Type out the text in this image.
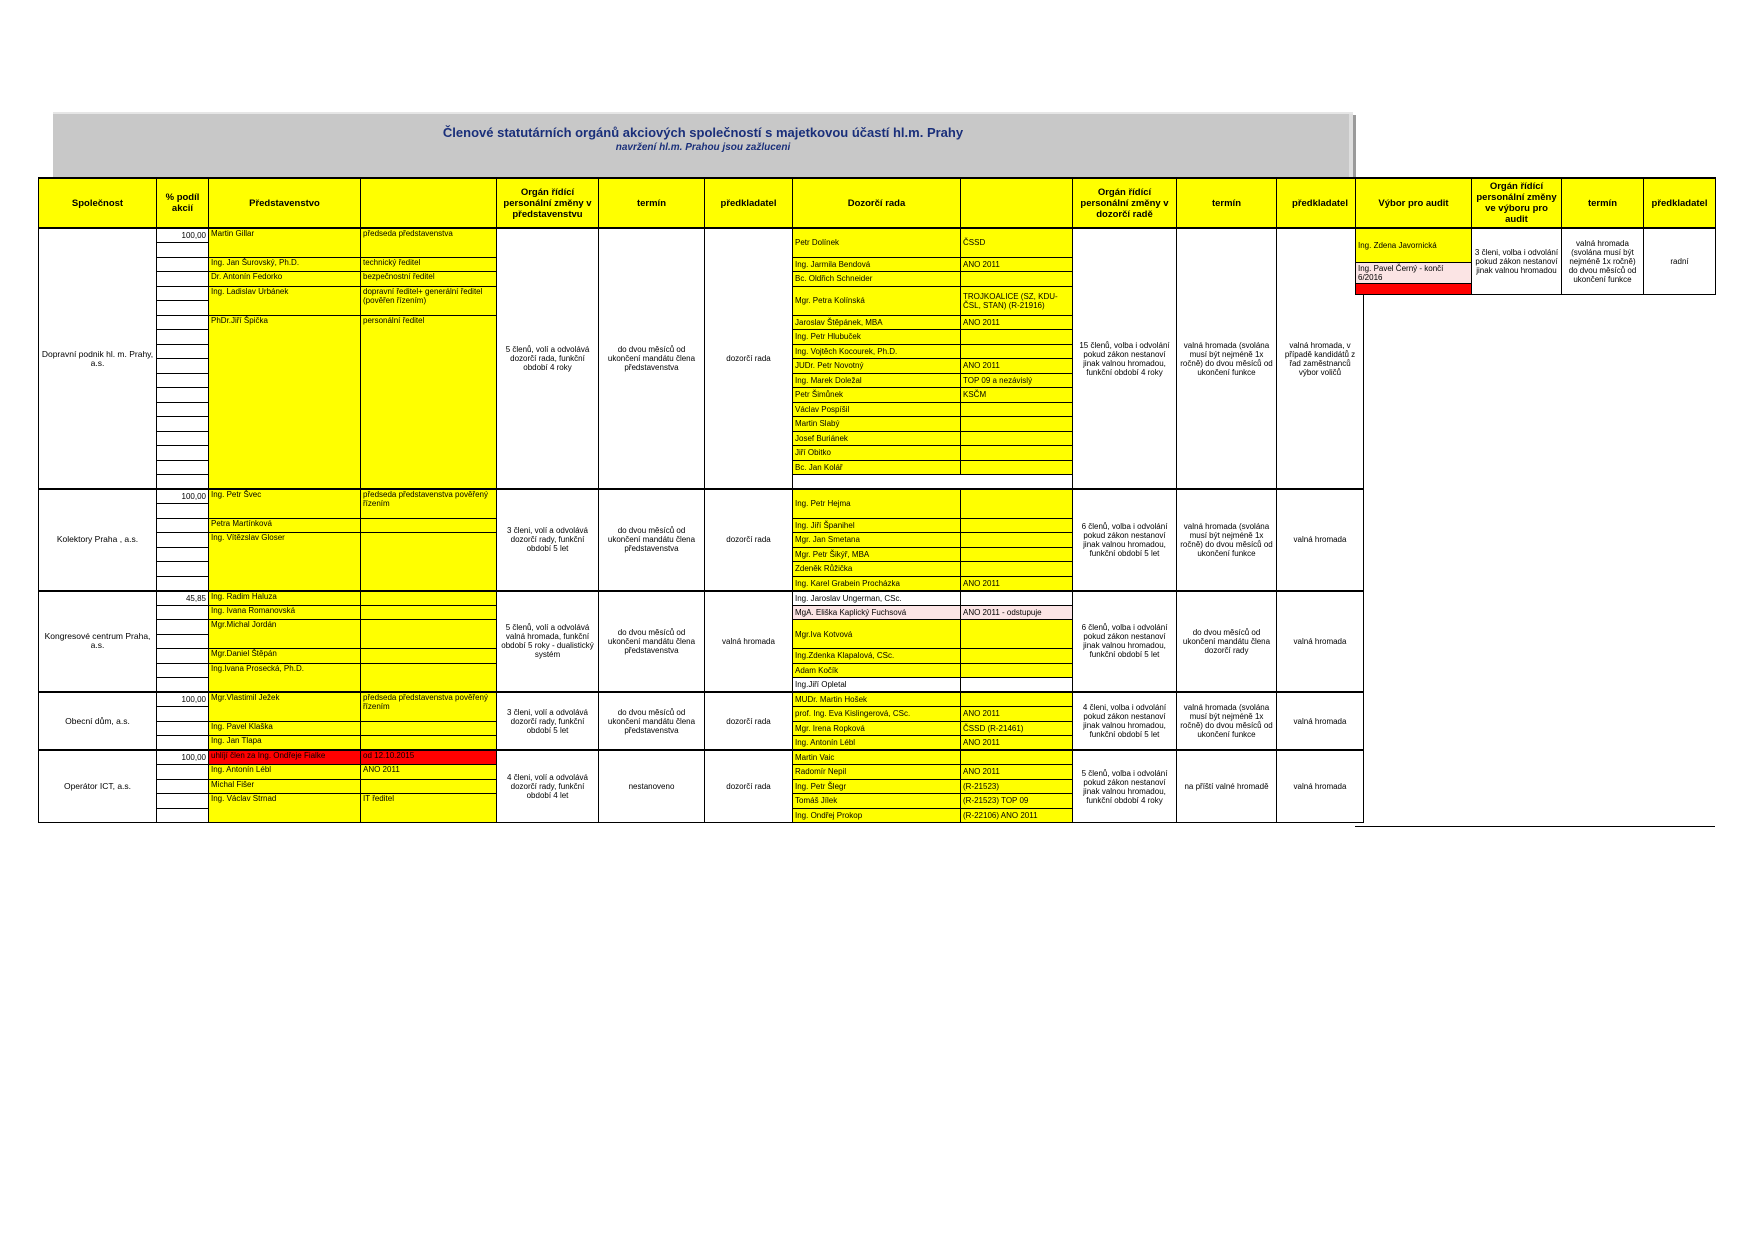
Členové statutárních orgánů akciových společností s majetkovou účastí hl.m. Prahy
navržení hl.m. Prahou jsou zažluceni
Společnost	% podíl akcií	Představenstvo		Orgán řídící personální změny v představenstvu	termín	předkladatel	Dozorčí rada		Orgán řídící personální změny v dozorčí radě	termín	předkladatel
Dopravní podnik hl. m. Prahy, a.s.	100,00	Martin Gillar	předseda představenstva	5 členů, volí a odvolává dozorčí rada, funkční období 4 roky	do dvou měsíců od ukončení mandátu člena představenstva	dozorčí rada	Petr Dolínek	ČSSD	15 členů, volba i odvolání pokud zákon nestanoví jinak valnou hromadou, funkční období 4 roky	valná hromada (svolána musí být nejméně 1x ročně) do dvou měsíců od ukončení funkce	valná hromada, v případě kandidátů z řad zaměstnanců výbor voličů

		Ing. Jan Šurovský, Ph.D.	technický ředitel				Ing. Jarmila Bendová	ANO 2011			
		Dr. Antonín Fedorko	bezpečnostní ředitel				Bc. Oldřich Schneider				
		Ing. Ladislav Urbánek	dopravní ředitel+ generální ředitel (pověřen řízením)				Mgr. Petra Kolínská	TROJKOALICE (SZ, KDU-ČSL, STAN) (R-21916)			

		PhDr.Jiří Špička	personální ředitel				Jaroslav Štěpánek, MBA	ANO 2011			
							Ing. Petr Hlubuček				
							Ing. Vojtěch Kocourek, Ph.D.				
							JUDr. Petr Novotný	ANO 2011			
							Ing. Marek Doležal	TOP 09 a nezávislý			
							Petr Šimůnek	KSČM			
							Václav Pospíšil				
							Martin Slabý				
							Josef Buriánek				
							Jiří Obitko				
							Bc. Jan Kolář				

Kolektory Praha , a.s.	100,00	Ing. Petr Švec	předseda představenstva pověřený řízením	3 členi, volí a odvolává dozorčí rady, funkční období 5 let	do dvou měsíců od ukončení mandátu člena představenstva	dozorčí rada	Ing. Petr Hejma		6 členů, volba i odvolání pokud zákon nestanoví jinak valnou hromadou, funkční období 5 let	valná hromada (svolána musí být nejméně 1x ročně) do dvou měsíců od ukončení funkce	valná hromada

		Petra Martínková					Ing. Jiří Španihel				
		Ing. Vítězslav Gloser					Mgr. Jan Smetana				
							Mgr. Petr Šikýř, MBA				
							Zdeněk Růžička				
							Ing. Karel Grabein Procházka	ANO 2011			
Kongresové centrum Praha, a.s.	45,85	Ing. Radim Haluza		5 členů, volí a odvolává valná hromada, funkční období 5 roky - dualistický systém	do dvou měsíců od ukončení mandátu člena představenstva	valná hromada	Ing. Jaroslav Ungerman, CSc.		6 členů, volba i odvolání pokud zákon nestanoví jinak valnou hromadou, funkční období 5 let	do dvou měsíců od ukončení mandátu člena dozorčí rady	valná hromada
		Ing. Ivana Romanovská					MgA. Eliška Kaplický Fuchsová	ANO 2011 - odstupuje			
		Mgr.Michal Jordán					Mgr.Iva Kotvová				

		Mgr.Daniel Štěpán					Ing.Zdenka Klapalová, CSc.				
		Ing.Ivana Prosecká, Ph.D.					Adam Kočík				
							Ing.Jiří Opletal				
Obecní dům, a.s.	100,00	Mgr.Vlastimil Ježek	předseda představenstva pověřený řízením	3 členi, volí a odvolává dozorčí rady, funkční období 5 let	do dvou měsíců od ukončení mandátu člena představenstva	dozorčí rada	MUDr. Martin Hošek		4 členi, volba i odvolání pokud zákon nestanoví jinak valnou hromadou, funkční období 5 let	valná hromada (svolána musí být nejméně 1x ročně) do dvou měsíců od ukončení funkce	valná hromada
							prof. Ing. Eva Kislingerová, CSc.	ANO 2011			
		Ing. Pavel Klaška					Mgr. Irena Ropková	ČSSD (R-21461)			
		Ing. Jan Tlapa					Ing. Antonín Lébl	ANO 2011			
Operátor ICT, a.s.	100,00	uhlíjí člen za Ing. Ondřeje Fialke	od 12.10.2015	4 členi, volí a odvolává dozorčí rady, funkční období 4 let	nestanoveno	dozorčí rada	Martin Vaic		5 členů, volba i odvolání pokud zákon nestanoví jinak valnou hromadou, funkční období 4 roky	na příští valné hromadě	valná hromada
		Ing. Antonín Lébl	ANO 2011				Radomír Nepil	ANO 2011			
		Michal Fišer					Ing. Petr Šlegr	(R-21523)			
		Ing. Václav Strnad	IT ředitel				Tomáš Jílek	(R-21523) TOP 09			
							Ing. Ondřej Prokop	(R-22106) ANO 2011			
Výbor pro audit	Orgán řídící personální změny ve výboru pro audit	termín	předkladatel
Ing. Zdena Javornická	3 členi, volba i odvolání pokud zákon nestanoví jinak valnou hromadou	valná hromada (svolána musí být nejméně 1x ročně) do dvou měsíců od ukončení funkce	radní
Ing. Pavel Černý - končí 6/2016			
